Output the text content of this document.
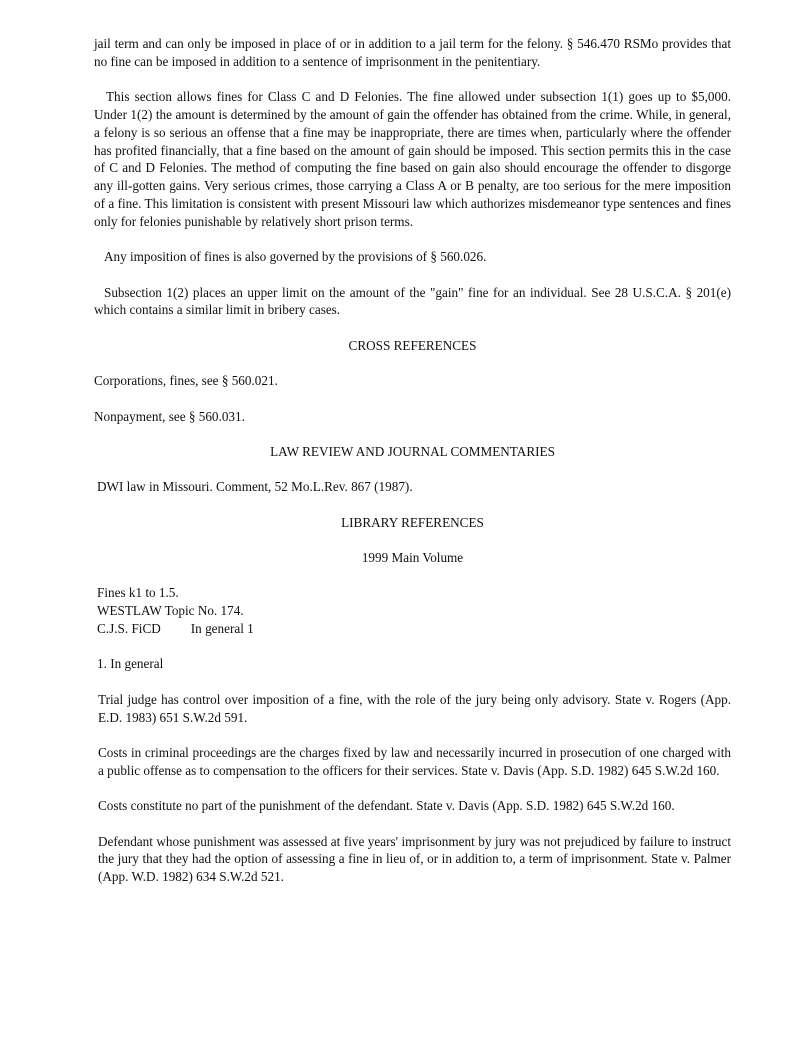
jail term and can only be imposed in place of or in addition to a jail term for the felony. § 546.470 RSMo provides that no fine can be imposed in addition to a sentence of imprisonment in the penitentiary.

This section allows fines for Class C and D Felonies. The fine allowed under subsection 1(1) goes up to $5,000. Under 1(2) the amount is determined by the amount of gain the offender has obtained from the crime. While, in general, a felony is so serious an offense that a fine may be inappropriate, there are times when, particularly where the offender has profited financially, that a fine based on the amount of gain should be imposed. This section permits this in the case of C and D Felonies. The method of computing the fine based on gain also should encourage the offender to disgorge any ill-gotten gains. Very serious crimes, those carrying a Class A or B penalty, are too serious for the mere imposition of a fine. This limitation is consistent with present Missouri law which authorizes misdemeanor type sentences and fines only for felonies punishable by relatively short prison terms.

Any imposition of fines is also governed by the provisions of § 560.026.

Subsection 1(2) places an upper limit on the amount of the "gain" fine for an individual. See 28 U.S.C.A. § 201(e) which contains a similar limit in bribery cases.

CROSS REFERENCES

Corporations, fines, see § 560.021.

Nonpayment, see § 560.031.

LAW REVIEW AND JOURNAL COMMENTARIES

DWI law in Missouri. Comment, 52 Mo.L.Rev. 867 (1987).

LIBRARY REFERENCES

1999 Main Volume

Fines k1 to 1.5.

WESTLAW Topic No. 174.

C.J.S. FiCD In general 1

1. In general

Trial judge has control over imposition of a fine, with the role of the jury being only advisory. State v. Rogers (App. E.D. 1983) 651 S.W.2d 591.

Costs in criminal proceedings are the charges fixed by law and necessarily incurred in prosecution of one charged with a public offense as to compensation to the officers for their services. State v. Davis (App. S.D. 1982) 645 S.W.2d 160.

Costs constitute no part of the punishment of the defendant. State v. Davis (App. S.D. 1982) 645 S.W.2d 160.

Defendant whose punishment was assessed at five years' imprisonment by jury was not prejudiced by failure to instruct the jury that they had the option of assessing a fine in lieu of, or in addition to, a term of imprisonment. State v. Palmer (App. W.D. 1982) 634 S.W.2d 521.
